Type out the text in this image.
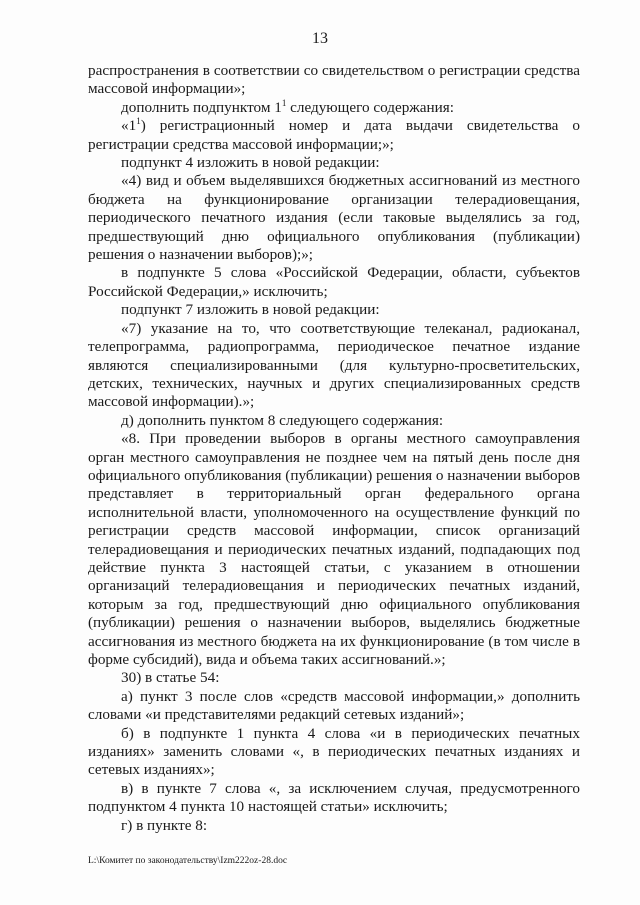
13

распространения в соответствии со свидетельством о регистрации средства массовой информации»;

дополнить подпунктом $1^1$ следующего содержания:

«$1^1$) регистрационный номер и дата выдачи свидетельства о регистрации средства массовой информации;»;

подпункт 4 изложить в новой редакции:

«4) вид и объем выделявшихся бюджетных ассигнований из местного бюджета на функционирование организации телерадиовещания, периодического печатного издания (если таковые выделялись за год, предшествующий дню официального опубликования (публикации) решения о назначении выборов);»;

в подпункте 5 слова «Российской Федерации, области, субъектов Российской Федерации,» исключить;

подпункт 7 изложить в новой редакции:

«7) указание на то, что соответствующие телеканал, радиоканал, телепрограмма, радиопрограмма, периодическое печатное издание являются специализированными (для культурно-просветительских, детских, технических, научных и других специализированных средств массовой информации).»;

д) дополнить пунктом 8 следующего содержания:

«8. При проведении выборов в органы местного самоуправления орган местного самоуправления не позднее чем на пятый день после дня официального опубликования (публикации) решения о назначении выборов представляет в территориальный орган федерального органа исполнительной власти, уполномоченного на осуществление функций по регистрации средств массовой информации, список организаций телерадиовещания и периодических печатных изданий, подпадающих под действие пункта 3 настоящей статьи, с указанием в отношении организаций телерадиовещания и периодических печатных изданий, которым за год, предшествующий дню официального опубликования (публикации) решения о назначении выборов, выделялись бюджетные ассигнования из местного бюджета на их функционирование (в том числе в форме субсидий), вида и объема таких ассигнований.»;

30) в статье 54:

а) пункт 3 после слов «средств массовой информации,» дополнить словами «и представителями редакций сетевых изданий»;

б) в подпункте 1 пункта 4 слова «и в периодических печатных изданиях» заменить словами «, в периодических печатных изданиях и сетевых изданиях»;

в) в пункте 7 слова «, за исключением случая, предусмотренного подпунктом 4 пункта 10 настоящей статьи» исключить;

г) в пункте 8:

L:\Комитет по законодательству\Izm222oz-28.doc
